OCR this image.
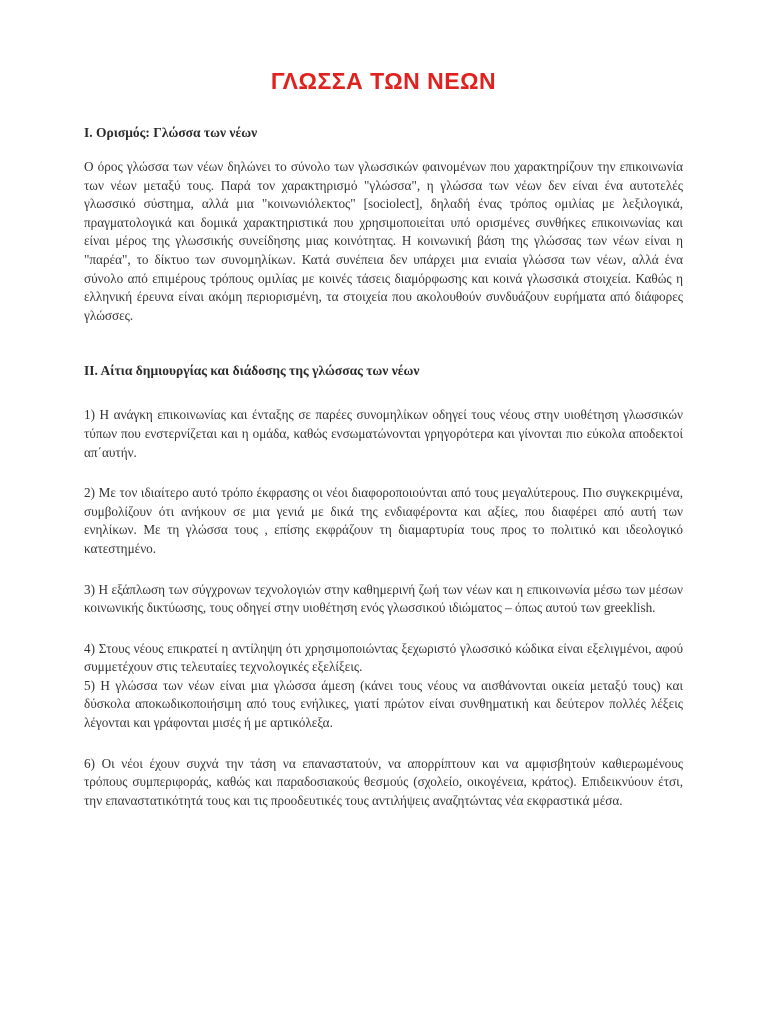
ΓΛΩΣΣΑ ΤΩΝ ΝΕΩΝ
Ι. Ορισμός: Γλώσσα των νέων

Ο όρος γλώσσα των νέων δηλώνει το σύνολο των γλωσσικών φαινομένων που χαρακτηρίζουν την επικοινωνία των νέων μεταξύ τους. Παρά τον χαρακτηρισμό "γλώσσα", η γλώσσα των νέων δεν είναι ένα αυτοτελές γλωσσικό σύστημα, αλλά μια "κοινωνιόλεκτος" [sociolect], δηλαδή ένας τρόπος ομιλίας με λεξιλογικά, πραγματολογικά και δομικά χαρακτηριστικά που χρησιμοποιείται υπό ορισμένες συνθήκες επικοινωνίας και είναι μέρος της γλωσσικής συνείδησης μιας κοινότητας. Η κοινωνική βάση της γλώσσας των νέων είναι η "παρέα", το δίκτυο των συνομηλίκων. Κατά συνέπεια δεν υπάρχει μια ενιαία γλώσσα των νέων, αλλά ένα σύνολο από επιμέρους τρόπους ομιλίας με κοινές τάσεις διαμόρφωσης και κοινά γλωσσικά στοιχεία. Καθώς η ελληνική έρευνα είναι ακόμη περιορισμένη, τα στοιχεία που ακολουθούν συνδυάζουν ευρήματα από διάφορες γλώσσες.

ΙΙ. Αίτια δημιουργίας και διάδοσης της γλώσσας των νέων

1) Η ανάγκη επικοινωνίας και ένταξης σε παρέες συνομηλίκων οδηγεί τους νέους στην υιοθέτηση γλωσσικών τύπων που ενστερνίζεται και η ομάδα, καθώς ενσωματώνονται γρηγορότερα και γίνονται πιο εύκολα αποδεκτοί απ΄αυτήν.

2) Με τον ιδιαίτερο αυτό τρόπο έκφρασης οι νέοι διαφοροποιούνται από τους μεγαλύτερους. Πιο συγκεκριμένα, συμβολίζουν ότι ανήκουν σε μια γενιά με δικά της ενδιαφέροντα και αξίες, που διαφέρει από αυτή των ενηλίκων. Με τη γλώσσα τους , επίσης εκφράζουν τη διαμαρτυρία τους προς το πολιτικό και ιδεολογικό κατεστημένο.

3) Η εξάπλωση των σύγχρονων τεχνολογιών στην καθημερινή ζωή των νέων και η επικοινωνία μέσω των μέσων κοινωνικής δικτύωσης, τους οδηγεί στην υιοθέτηση ενός γλωσσικού ιδιώματος – όπως αυτού των greeklish.

4) Στους νέους επικρατεί η αντίληψη ότι χρησιμοποιώντας ξεχωριστό γλωσσικό κώδικα είναι εξελιγμένοι, αφού συμμετέχουν στις τελευταίες τεχνολογικές εξελίξεις.

5) Η γλώσσα των νέων είναι μια γλώσσα άμεση (κάνει τους νέους να αισθάνονται οικεία μεταξύ τους) και δύσκολα αποκωδικοποιήσιμη από τους ενήλικες, γιατί πρώτον είναι συνθηματική και δεύτερον πολλές λέξεις λέγονται και γράφονται μισές ή με αρτικόλεξα.

6) Οι νέοι έχουν συχνά την τάση να επαναστατούν, να απορρίπτουν και να αμφισβητούν καθιερωμένους τρόπους συμπεριφοράς, καθώς και παραδοσιακούς θεσμούς (σχολείο, οικογένεια, κράτος). Επιδεικνύουν έτσι, την επαναστατικότητά τους και τις προοδευτικές τους αντιλήψεις αναζητώντας νέα εκφραστικά μέσα.
